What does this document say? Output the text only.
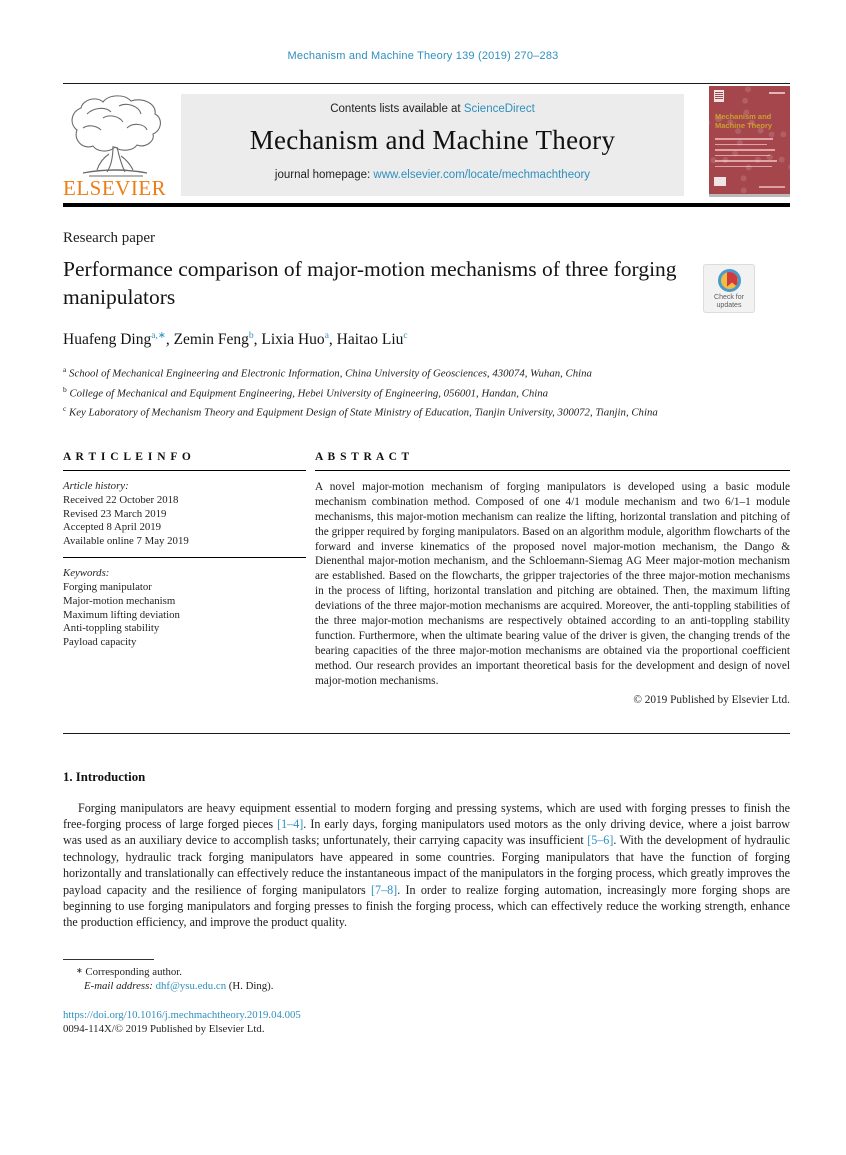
Mechanism and Machine Theory 139 (2019) 270–283
ELSEVIER
Contents lists available at ScienceDirect
Mechanism and Machine Theory
journal homepage: www.elsevier.com/locate/mechmachtheory
Mechanism and
Machine Theory
Research paper
Performance comparison of major-motion mechanisms of three forging manipulators	Check for
updates
Huafeng Ding$^{a,∗}$, Zemin Feng$^b$, Lixia Huo$^a$, Haitao Liu$^c$
$^a$ School of Mechanical Engineering and Electronic Information, China University of Geosciences, 430074, Wuhan, China
$^b$ College of Mechanical and Equipment Engineering, Hebei University of Engineering, 056001, Handan, China
$^c$ Key Laboratory of Mechanism Theory and Equipment Design of State Ministry of Education, Tianjin University, 300072, Tianjin, China
A R T I C L E I N F O
Article history:
Received 22 October 2018
Revised 23 March 2019
Accepted 8 April 2019
Available online 7 May 2019
Keywords:
Forging manipulator
Major-motion mechanism
Maximum lifting deviation
Anti-toppling stability
Payload capacity
A B S T R A C T
A novel major-motion mechanism of forging manipulators is developed using a basic module mechanism combination method. Composed of one 4/1 module mechanism and two 6/1–1 module mechanisms, this major-motion mechanism can realize the lifting, horizontal translation and pitching of the gripper required by forging manipulators. Based on an algorithm module, algorithm flowcharts of the forward and inverse kinematics of the proposed novel major-motion mechanism, the Dango & Dienenthal major-motion mechanism, and the Schloemann-Siemag AG Meer major-motion mechanism are established. Based on the flowcharts, the gripper trajectories of the three major-motion mechanisms in the process of lifting, horizontal translation and pitching are obtained. Then, the maximum lifting deviations of the three major-motion mechanisms are acquired. Moreover, the anti-toppling stabilities of the three major-motion mechanisms are respectively obtained according to an anti-toppling stability function. Furthermore, when the ultimate bearing value of the driver is given, the changing trends of the bearing capacities of the three major-motion mechanisms are obtained via the proportional coefficient method. Our research provides an important theoretical basis for the development and design of novel major-motion mechanisms.
© 2019 Published by Elsevier Ltd.
1. Introduction

Forging manipulators are heavy equipment essential to modern forging and pressing systems, which are used with forging presses to finish the free-forging process of large forged pieces [1–4]. In early days, forging manipulators used motors as the only driving device, where a joist barrow was used as an auxiliary device to accomplish tasks; unfortunately, their carrying capacity was insufficient [5–6]. With the development of hydraulic technology, hydraulic track forging manipulators have appeared in some countries. Forging manipulators that have the function of forging horizontally and translationally can effectively reduce the instantaneous impact of the manipulators in the forging process, which greatly improves the payload capacity and the resilience of forging manipulators [7–8]. In order to realize forging automation, increasingly more forging shops are beginning to use forging manipulators and forging presses to finish the forging process, which can effectively reduce the working strength, enhance the production efficiency, and improve the product quality.

∗ Corresponding author.
E-mail address: dhf@ysu.edu.cn (H. Ding).
https://doi.org/10.1016/j.mechmachtheory.2019.04.005
0094-114X/© 2019 Published by Elsevier Ltd.
